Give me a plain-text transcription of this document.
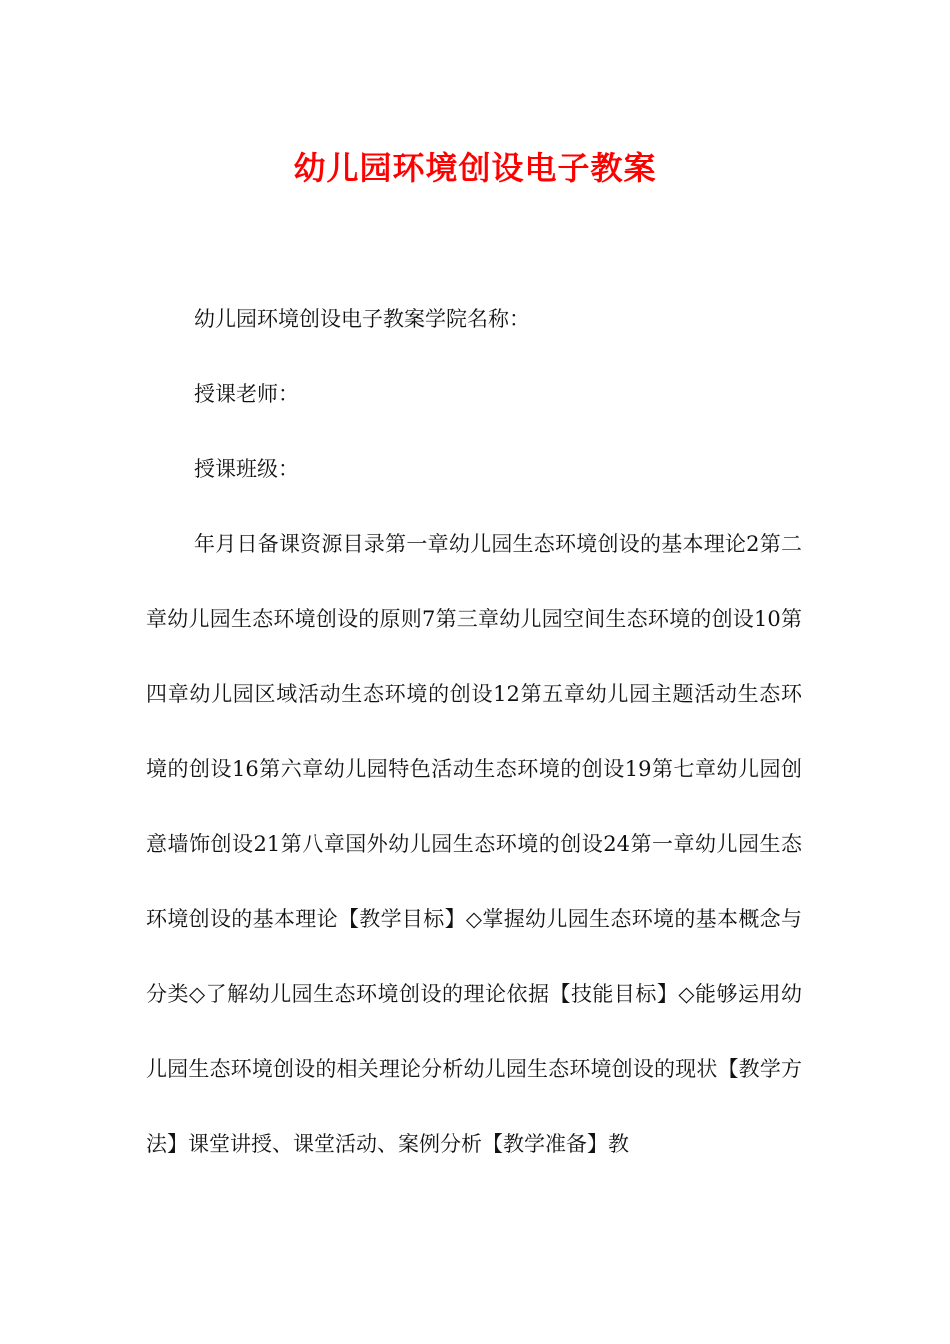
幼儿园环境创设电子教案

幼儿园环境创设电子教案学院名称：

授课老师：

授课班级：

年月日备课资源目录第一章幼儿园生态环境创设的基本理论2第二章幼儿园生态环境创设的原则7第三章幼儿园空间生态环境的创设10第四章幼儿园区域活动生态环境的创设12第五章幼儿园主题活动生态环境的创设16第六章幼儿园特色活动生态环境的创设19第七章幼儿园创意墙饰创设21第八章国外幼儿园生态环境的创设24第一章幼儿园生态环境创设的基本理论【教学目标】◇掌握幼儿园生态环境的基本概念与分类◇了解幼儿园生态环境创设的理论依据【技能目标】◇能够运用幼儿园生态环境创设的相关理论分析幼儿园生态环境创设的现状【教学方法】课堂讲授、课堂活动、案例分析【教学准备】教
